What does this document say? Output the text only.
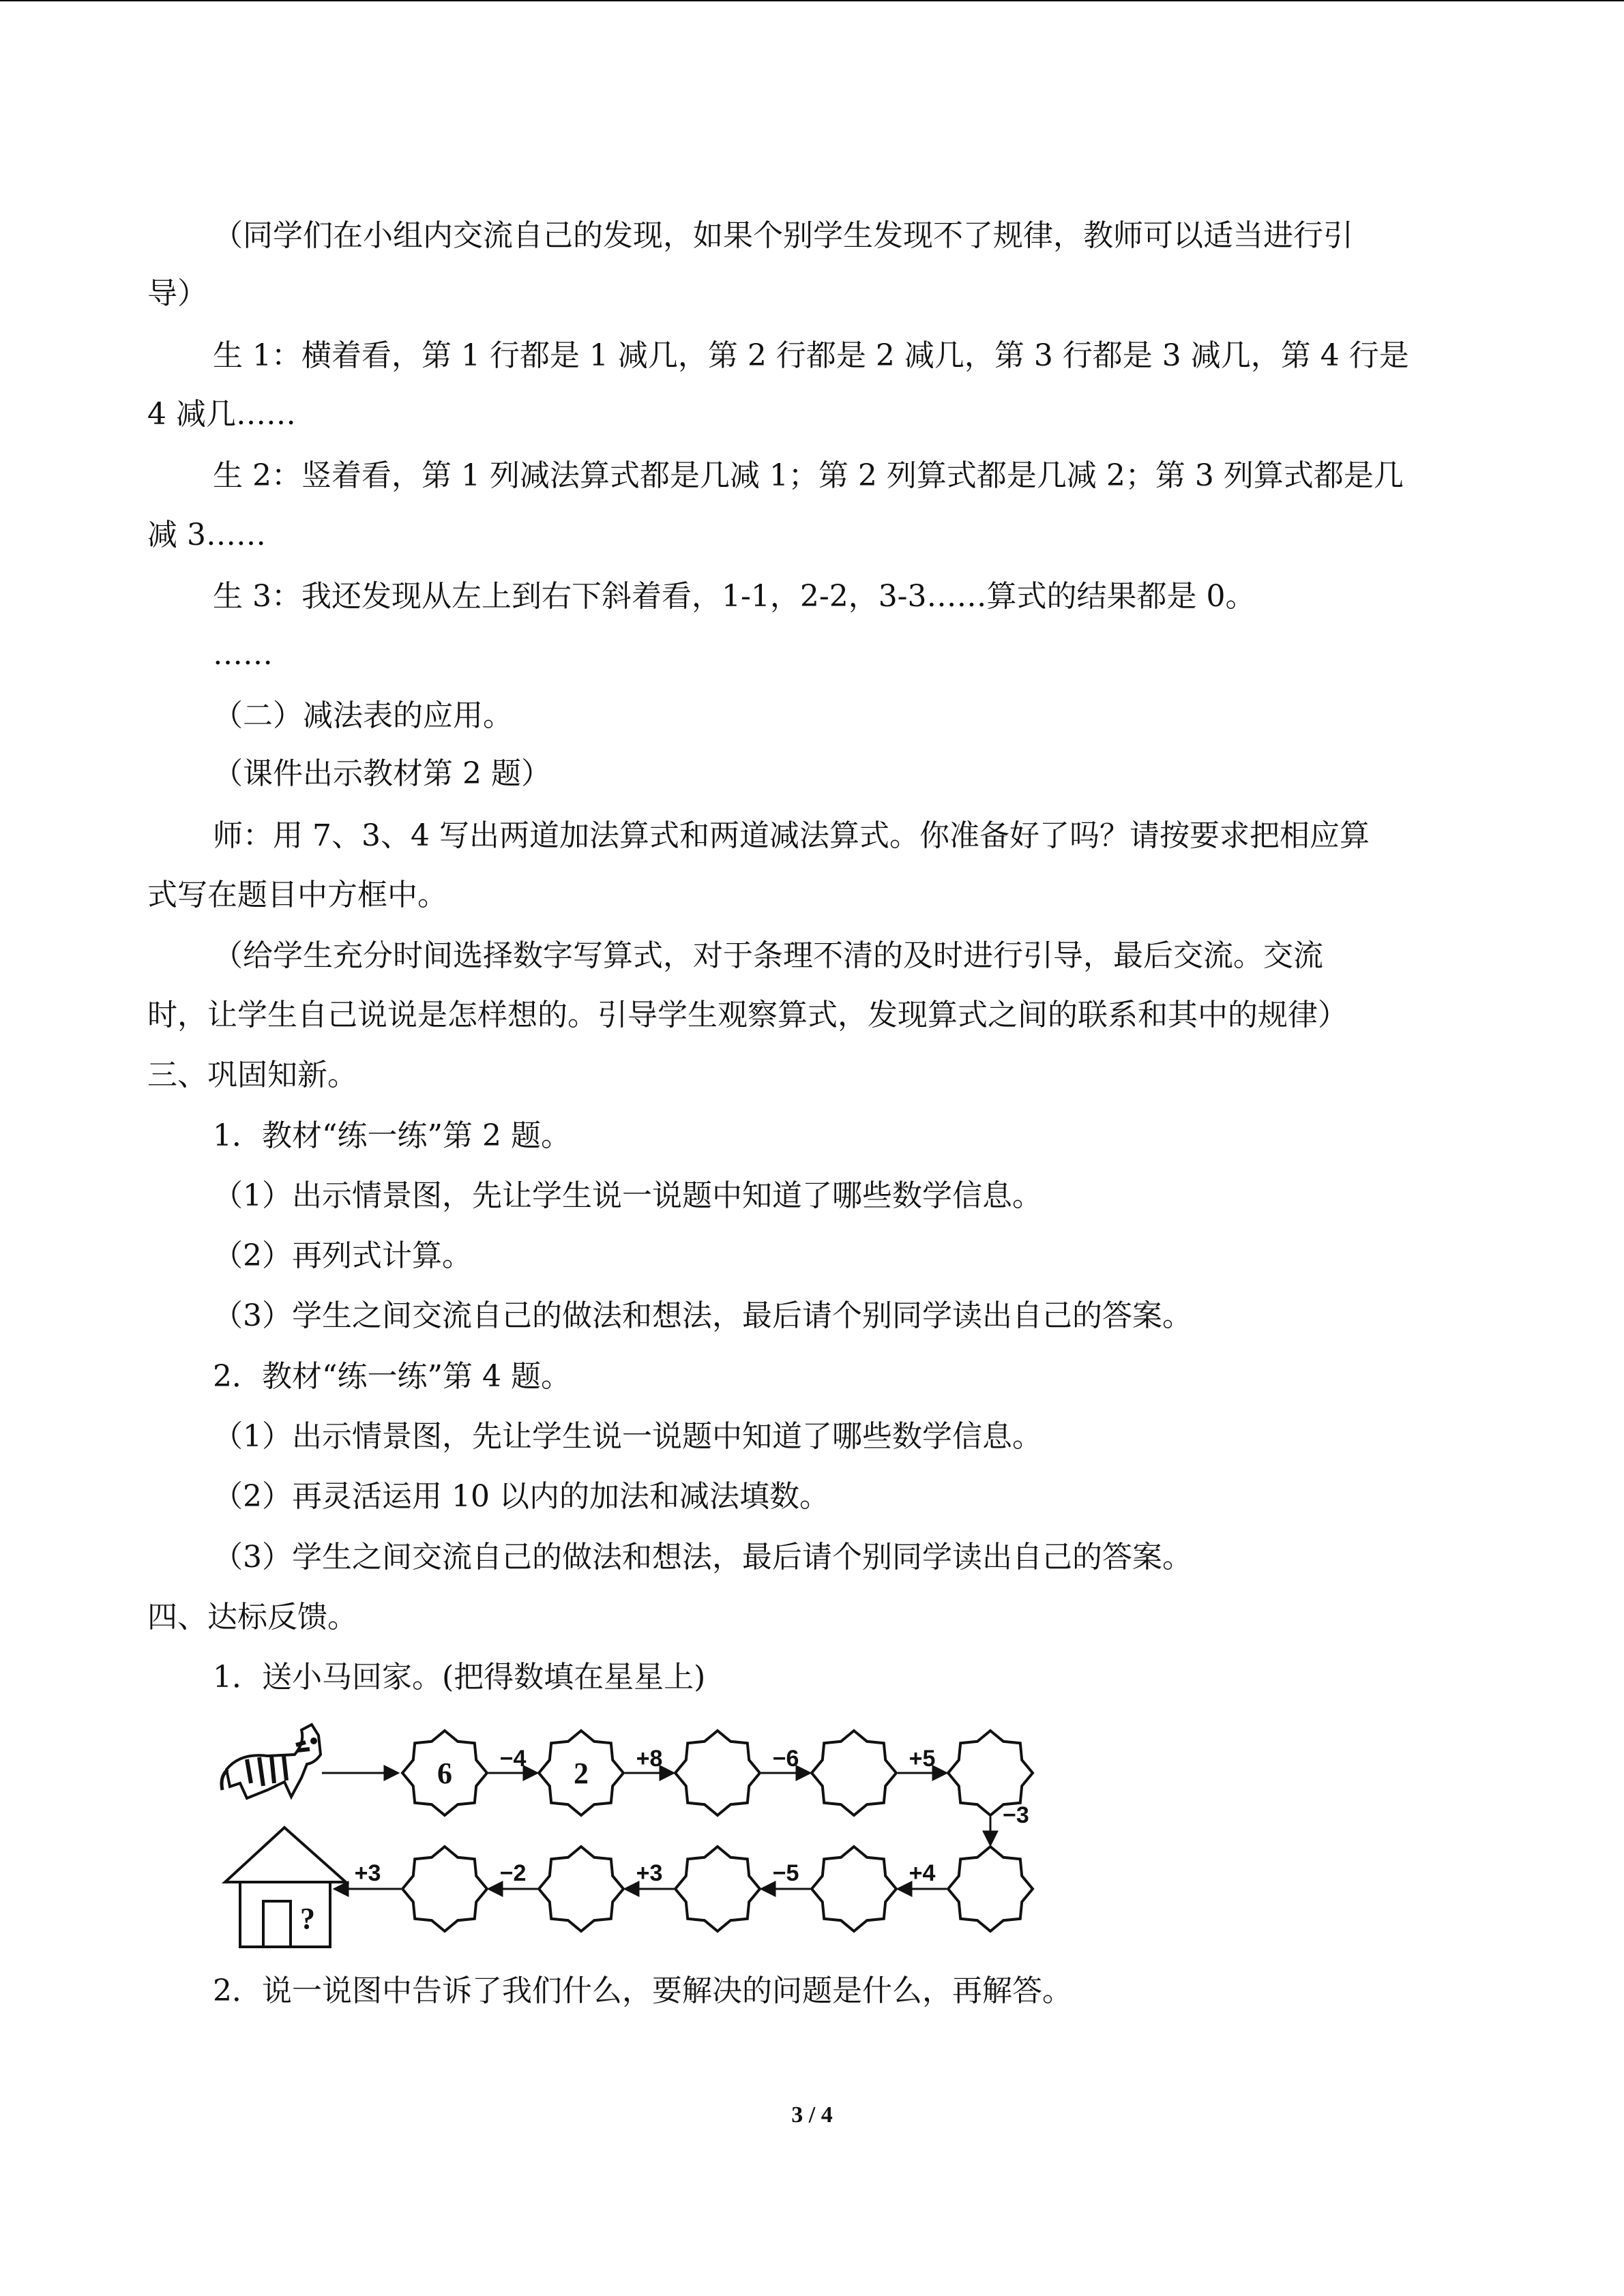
（同学们在小组内交流自己的发现，如果个别学生发现不了规律，教师可以适当进行引

导）

生 1：横着看，第 1 行都是 1 减几，第 2 行都是 2 减几，第 3 行都是 3 减几，第 4 行是

4 减几……

生 2：竖着看，第 1 列减法算式都是几减 1；第 2 列算式都是几减 2；第 3 列算式都是几

减 3……

生 3：我还发现从左上到右下斜着看，1-1，2-2，3-3……算式的结果都是 0。

……

（二）减法表的应用。

（课件出示教材第 2 题）

师：用 7、3、4 写出两道加法算式和两道减法算式。你准备好了吗？请按要求把相应算

式写在题目中方框中。

（给学生充分时间选择数字写算式，对于条理不清的及时进行引导，最后交流。交流

时，让学生自己说说是怎样想的。引导学生观察算式，发现算式之间的联系和其中的规律）

三、巩固知新。

1．教材“练一练”第 2 题。

（1）出示情景图，先让学生说一说题中知道了哪些数学信息。

（2）再列式计算。

（3）学生之间交流自己的做法和想法，最后请个别同学读出自己的答案。

2．教材“练一练”第 4 题。

（1）出示情景图，先让学生说一说题中知道了哪些数学信息。

（2）再灵活运用 10 以内的加法和减法填数。

（3）学生之间交流自己的做法和想法，最后请个别同学读出自己的答案。

四、达标反馈。

1．送小马回家。(把得数填在星星上)

6	2
−4	+8	−6	+5
−3
+4
−5
+3
−2
?
+3

2．说一说图中告诉了我们什么，要解决的问题是什么，再解答。

3 / 4
